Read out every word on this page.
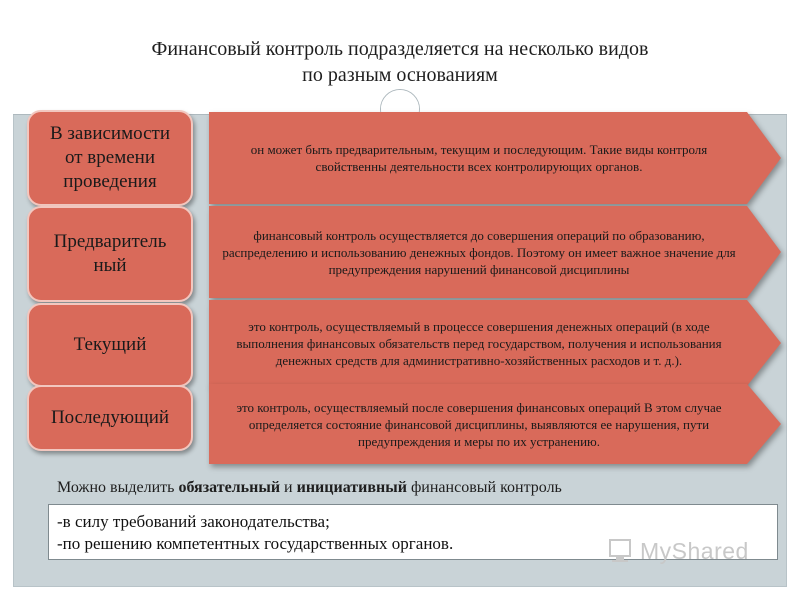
Финансовый контроль подразделяется на несколько видов
по разным основаниям
В зависимости от времени проведения
Предваритель ный
Текущий
Последующий
он может быть предварительным, текущим и последующим. Такие виды контроля свойственны деятельности всех контролирующих органов.
финансовый контроль осуществляется до совершения операций по образованию, распределению и использованию денежных фондов. Поэтому он имеет важное значение для предупреждения нарушений финансовой дисциплины
это контроль, осуществляемый в процессе совершения денежных операций (в ходе выполнения финансовых обязательств перед государством, получения и использования денежных средств для административно-хозяйственных расходов и т. д.).
это контроль, осуществляемый после совершения финансовых операций В этом случае определяется состояние финансовой дисциплины, выявляются ее нарушения, пути предупреждения и меры по их устранению.
Можно выделить обязательный и инициативный финансовый контроль
-в силу требований законодательства;
-по решению компетентных государственных органов.	MyShared
